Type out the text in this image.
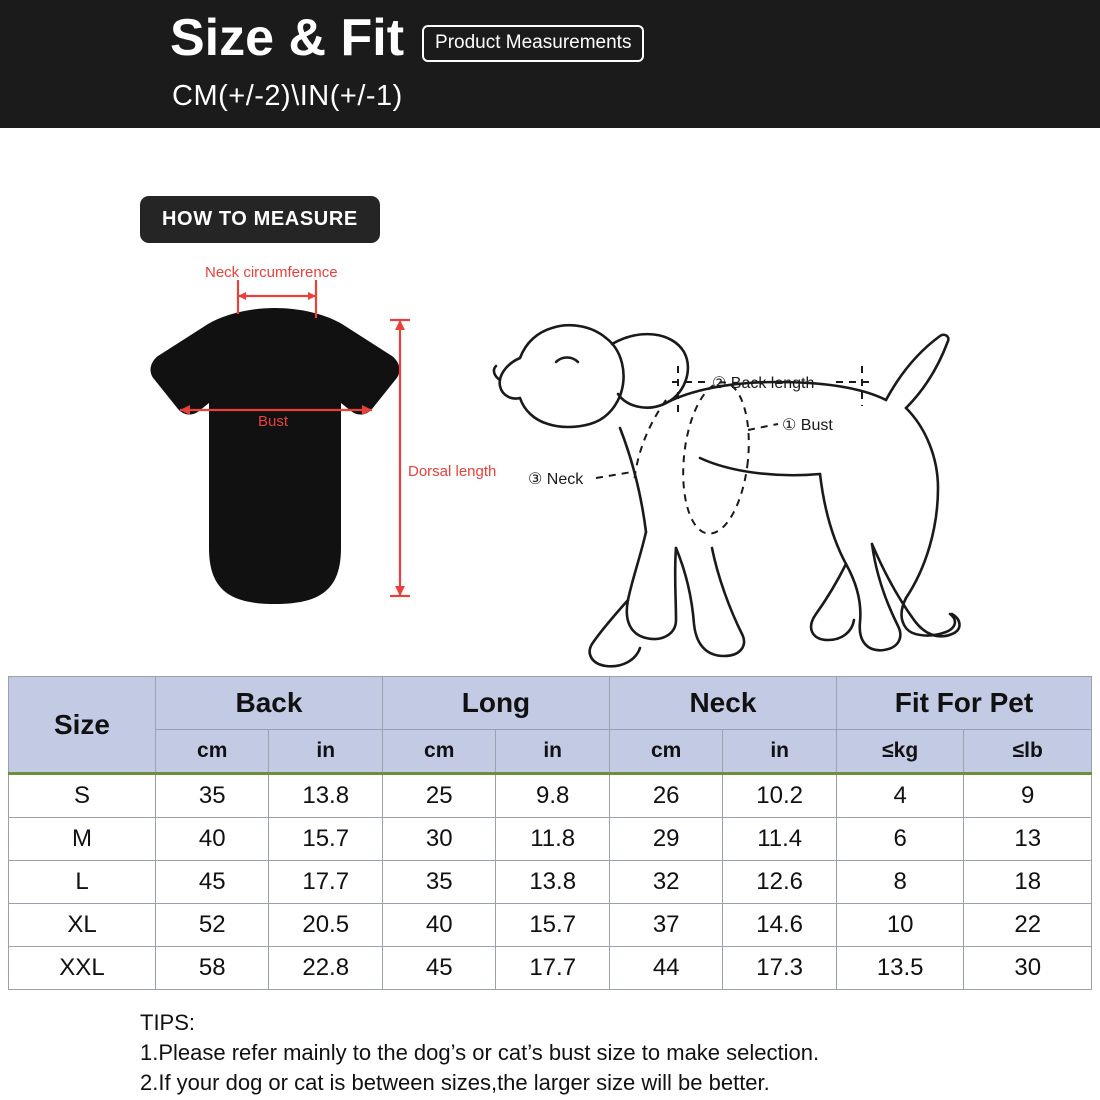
Size & Fit	Product Measurements
CM(+/-2)\IN(+/-1)
HOW TO MEASURE
Neck circumference
Bust
Dorsal length
② Back length
① Bust
③ Neck
Size	Back		Long		Neck		Fit For Pet	
	cm	in	cm	in	cm	in	≤kg	≤lb
S	35	13.8	25	9.8	26	10.2	4	9
M	40	15.7	30	11.8	29	11.4	6	13
L	45	17.7	35	13.8	32	12.6	8	18
XL	52	20.5	40	15.7	37	14.6	10	22
XXL	58	22.8	45	17.7	44	17.3	13.5	30
TIPS:
1.Please refer mainly to the dog’s or cat’s bust size to make selection.
2.If your dog or cat is between sizes,the larger size will be better.
